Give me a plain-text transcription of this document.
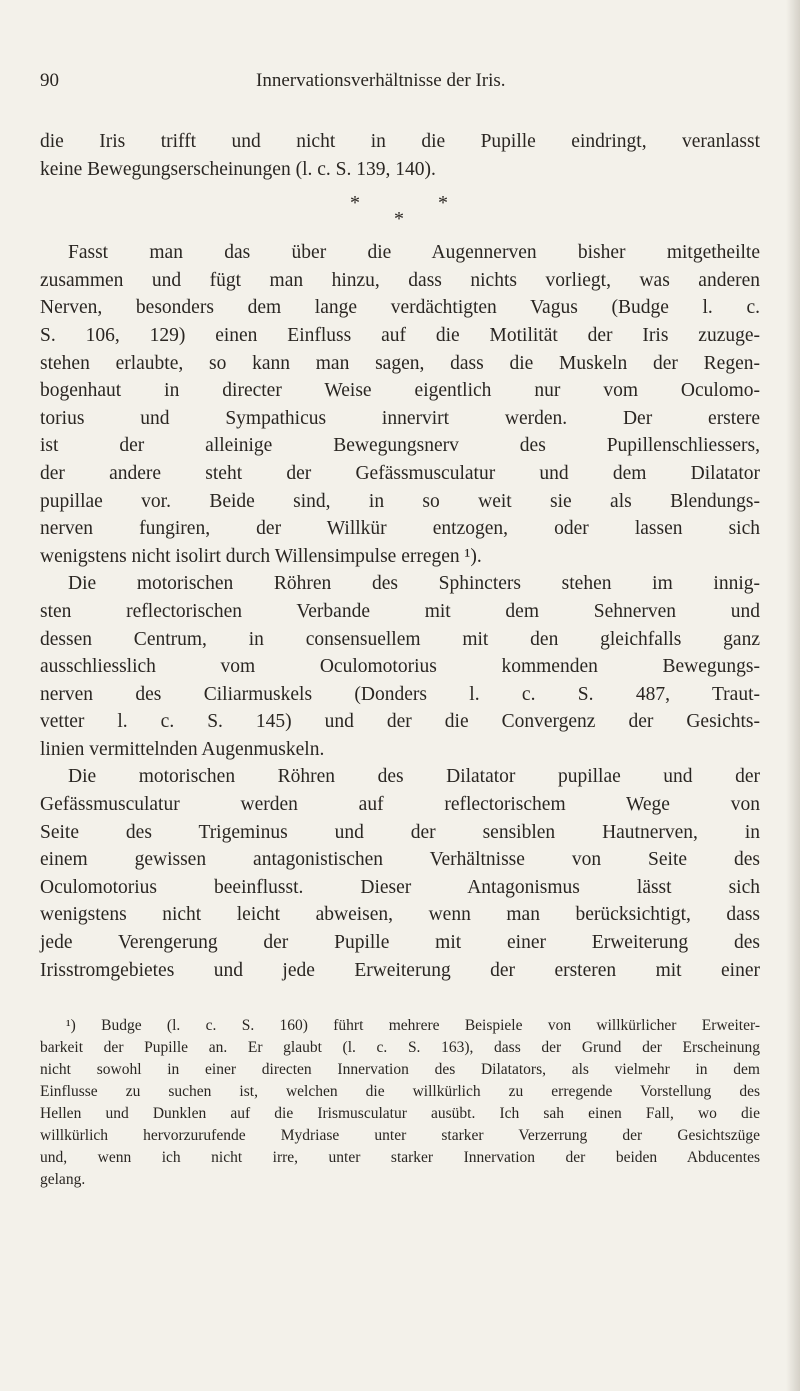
90	Innervationsverhältnisse der Iris.
die Iris trifft und nicht in die Pupille eindringt, veranlasst
keine Bewegungserscheinungen (l. c. S. 139, 140).
*	*
*
Fasst man das über die Augennerven bisher mitgetheilte
zusammen und fügt man hinzu, dass nichts vorliegt, was anderen
Nerven, besonders dem lange verdächtigten Vagus (Budge l. c.
S. 106, 129) einen Einfluss auf die Motilität der Iris zuzuge-
stehen erlaubte, so kann man sagen, dass die Muskeln der Regen-
bogenhaut in directer Weise eigentlich nur vom Oculomo-
torius und Sympathicus innervirt werden. Der erstere
ist der alleinige Bewegungsnerv des Pupillenschliessers,
der andere steht der Gefässmusculatur und dem Dilatator
pupillae vor. Beide sind, in so weit sie als Blendungs-
nerven fungiren, der Willkür entzogen, oder lassen sich
wenigstens nicht isolirt durch Willensimpulse erregen ¹).
Die motorischen Röhren des Sphincters stehen im innig-
sten reflectorischen Verbande mit dem Sehnerven und
dessen Centrum, in consensuellem mit den gleichfalls ganz
ausschliesslich vom Oculomotorius kommenden Bewegungs-
nerven des Ciliarmuskels (Donders l. c. S. 487, Traut-
vetter l. c. S. 145) und der die Convergenz der Gesichts-
linien vermittelnden Augenmuskeln.
Die motorischen Röhren des Dilatator pupillae und der
Gefässmusculatur werden auf reflectorischem Wege von
Seite des Trigeminus und der sensiblen Hautnerven, in
einem gewissen antagonistischen Verhältnisse von Seite des
Oculomotorius beeinflusst. Dieser Antagonismus lässt sich
wenigstens nicht leicht abweisen, wenn man berücksichtigt, dass
jede Verengerung der Pupille mit einer Erweiterung des
Irisstromgebietes und jede Erweiterung der ersteren mit einer
¹) Budge (l. c. S. 160) führt mehrere Beispiele von willkürlicher Erweiter-
barkeit der Pupille an. Er glaubt (l. c. S. 163), dass der Grund der Erscheinung
nicht sowohl in einer directen Innervation des Dilatators, als vielmehr in dem
Einflusse zu suchen ist, welchen die willkürlich zu erregende Vorstellung des
Hellen und Dunklen auf die Irismusculatur ausübt. Ich sah einen Fall, wo die
willkürlich hervorzurufende Mydriase unter starker Verzerrung der Gesichtszüge
und, wenn ich nicht irre, unter starker Innervation der beiden Abducentes
gelang.
